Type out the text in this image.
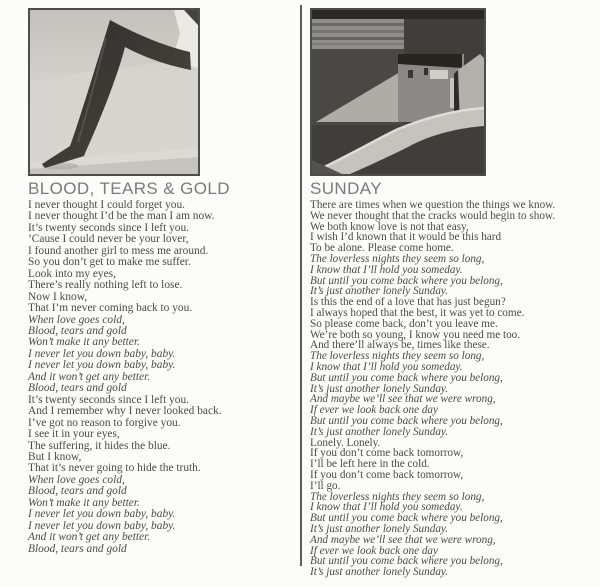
BLOOD, TEARS & GOLD
I never thought I could forget you.
I never thought I’d be the man I am now.
It’s twenty seconds since I left you.
’Cause I could never be your lover,
I found another girl to mess me around.
So you don’t get to make me suffer.
Look into my eyes,
There’s really nothing left to lose.
Now I know,
That I’m never coming back to you.
When love goes cold,
Blood, tears and gold
Won’t make it any better.
I never let you down baby, baby.
I never let you down baby, baby.
And it won’t get any better.
Blood, tears and gold
It’s twenty seconds since I left you.
And I remember why I never looked back.
I’ve got no reason to forgive you.
I see it in your eyes,
The suffering, it hides the blue.
But I know,
That it’s never going to hide the truth.
When love goes cold,
Blood, tears and gold
Won’t make it any better.
I never let you down baby, baby.
I never let you down baby, baby.
And it won’t get any better.
Blood, tears and gold
SUNDAY
There are times when we question the things we know.
We never thought that the cracks would begin to show.
We both know love is not that easy,
I wish I’d known that it would be this hard
To be alone. Please come home.
The loverless nights they seem so long,
I know that I’ll hold you someday.
But until you come back where you belong,
It’s just another lonely Sunday.
Is this the end of a love that has just begun?
I always hoped that the best, it was yet to come.
So please come back, don’t you leave me.
We’re both so young, I know you need me too.
And there’ll always be, times like these.
The loverless nights they seem so long,
I know that I’ll hold you someday.
But until you come back where you belong,
It’s just another lonely Sunday.
And maybe we’ll see that we were wrong,
If ever we look back one day
But until you come back where you belong,
It’s just another lonely Sunday.
Lonely. Lonely.
If you don’t come back tomorrow,
I’ll be left here in the cold.
If you don’t come back tomorrow,
I’ll go.
The loverless nights they seem so long,
I know that I’ll hold you someday.
But until you come back where you belong,
It’s just another lonely Sunday.
And maybe we’ll see that we were wrong,
If ever we look back one day
But until you come back where you belong,
It’s just another lonely Sunday.
